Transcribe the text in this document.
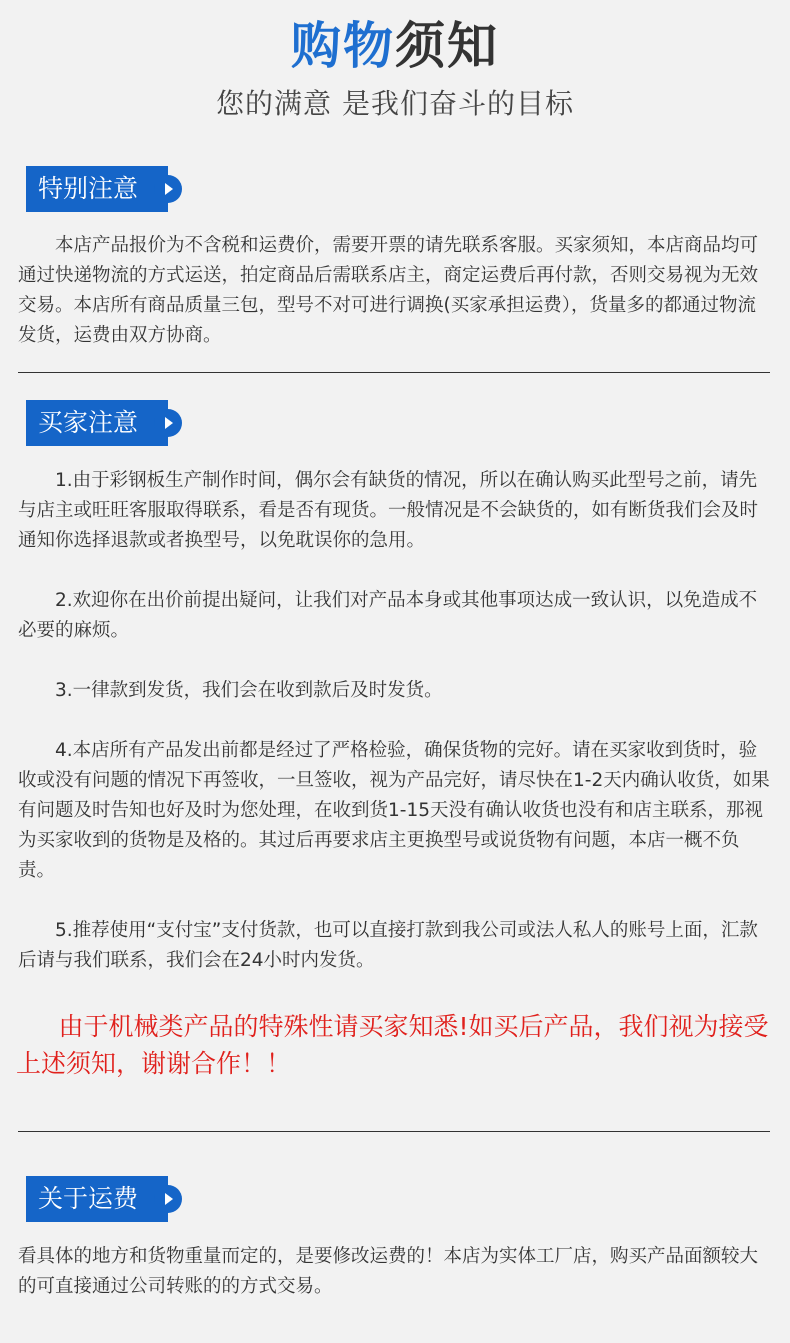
购物须知
您的满意 是我们奋斗的目标
特别注意

本店产品报价为不含税和运费价，需要开票的请先联系客服。买家须知，本店商品均可通过快递物流的方式运送，拍定商品后需联系店主，商定运费后再付款，否则交易视为无效交易。本店所有商品质量三包，型号不对可进行调换(买家承担运费），货量多的都通过物流发货，运费由双方协商。

买家注意

1.由于彩钢板生产制作时间，偶尔会有缺货的情况，所以在确认购买此型号之前，请先与店主或旺旺客服取得联系，看是否有现货。一般情况是不会缺货的，如有断货我们会及时通知你选择退款或者换型号，以免耽误你的急用。

2.欢迎你在出价前提出疑问，让我们对产品本身或其他事项达成一致认识，以免造成不必要的麻烦。

3.一律款到发货，我们会在收到款后及时发货。

4.本店所有产品发出前都是经过了严格检验，确保货物的完好。请在买家收到货时，验收或没有问题的情况下再签收，一旦签收，视为产品完好，请尽快在1-2天内确认收货，如果有问题及时告知也好及时为您处理，在收到货1-15天没有确认收货也没有和店主联系，那视为买家收到的货物是及格的。其过后再要求店主更换型号或说货物有问题，本店一概不负责。

5.推荐使用“支付宝”支付货款，也可以直接打款到我公司或法人私人的账号上面，汇款后请与我们联系，我们会在24小时内发货。

由于机械类产品的特殊性请买家知悉!如买后产品，我们视为接受上述须知，谢谢合作！！

关于运费

看具体的地方和货物重量而定的，是要修改运费的！本店为实体工厂店，购买产品面额较大的可直接通过公司转账的的方式交易。
